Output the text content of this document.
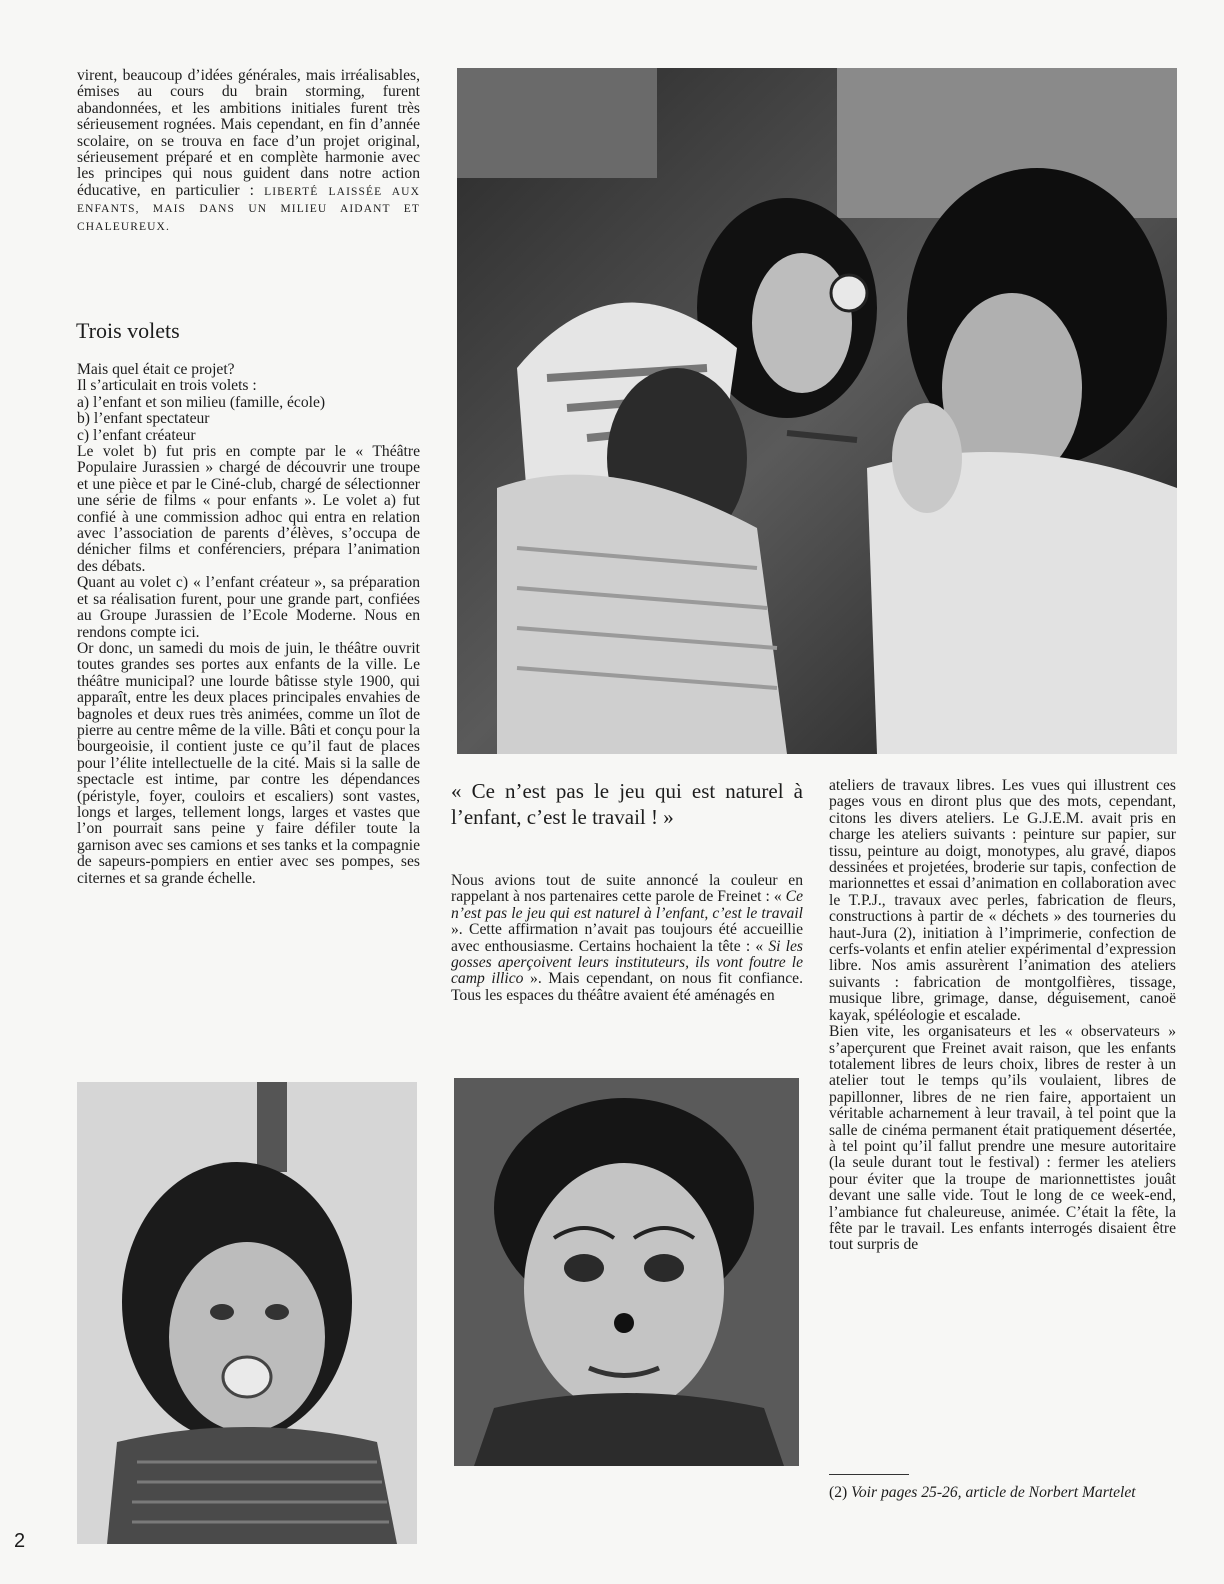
virent, beaucoup d’idées générales, mais irréalisables, émises au cours du brain storming, furent abandonnées, et les ambitions initiales furent très sérieusement rognées. Mais cependant, en fin d’année scolaire, on se trouva en face d’un projet original, sérieusement préparé et en complète harmonie avec les principes qui nous guident dans notre action éducative, en particulier : LIBERTÉ LAISSÉE AUX ENFANTS, MAIS DANS UN MILIEU AIDANT ET CHALEUREUX.
Trois volets

Mais quel était ce projet?
Il s’articulait en trois volets :
a) l’enfant et son milieu (famille, école)
b) l’enfant spectateur
c) l’enfant créateur

Le volet b) fut pris en compte par le « Théâtre Populaire Jurassien » chargé de découvrir une troupe et une pièce et par le Ciné-club, chargé de sélectionner une série de films « pour enfants ». Le volet a) fut confié à une commission adhoc qui entra en relation avec l’association de parents d’élèves, s’occupa de dénicher films et conférenciers, prépara l’animation des débats.
Quant au volet c) « l’enfant créateur », sa préparation et sa réalisation furent, pour une grande part, confiées au Groupe Jurassien de l’Ecole Moderne. Nous en rendons compte ici.
Or donc, un samedi du mois de juin, le théâtre ouvrit toutes grandes ses portes aux enfants de la ville. Le théâtre municipal? une lourde bâtisse style 1900, qui apparaît, entre les deux places principales envahies de bagnoles et deux rues très animées, comme un îlot de pierre au centre même de la ville. Bâti et conçu pour la bourgeoisie, il contient juste ce qu’il faut de places pour l’élite intellectuelle de la cité. Mais si la salle de spectacle est intime, par contre les dépendances (péristyle, foyer, couloirs et escaliers) sont vastes, longs et larges, tellement longs, larges et vastes que l’on pourrait sans peine y faire défiler toute la garnison avec ses camions et ses tanks et la compagnie de sapeurs-pompiers en entier avec ses pompes, ses citernes et sa grande échelle.

« Ce n’est pas le jeu qui est naturel à l’enfant, c’est le travail ! »
Nous avions tout de suite annoncé la couleur en rappelant à nos partenaires cette parole de Freinet : « Ce n’est pas le jeu qui est naturel à l’enfant, c’est le travail ». Cette affirmation n’avait pas toujours été accueillie avec enthousiasme. Certains hochaient la tête : « Si les gosses aperçoivent leurs instituteurs, ils vont foutre le camp illico ». Mais cependant, on nous fit confiance. Tous les espaces du théâtre avaient été aménagés en

ateliers de travaux libres. Les vues qui illustrent ces pages vous en diront plus que des mots, cependant, citons les divers ateliers. Le G.J.E.M. avait pris en charge les ateliers suivants : peinture sur papier, sur tissu, peinture au doigt, monotypes, alu gravé, diapos dessinées et projetées, broderie sur tapis, confection de marionnettes et essai d’animation en collaboration avec le T.P.J., travaux avec perles, fabrication de fleurs, constructions à partir de « déchets » des tourneries du haut-Jura (2), initiation à l’imprimerie, confection de cerfs-volants et enfin atelier expérimental d’expression libre. Nos amis assurèrent l’animation des ateliers suivants : fabrication de montgolfières, tissage, musique libre, grimage, danse, déguisement, canoë kayak, spéléologie et escalade.
Bien vite, les organisateurs et les « observateurs » s’aperçurent que Freinet avait raison, que les enfants totalement libres de leurs choix, libres de rester à un atelier tout le temps qu’ils voulaient, libres de papillonner, libres de ne rien faire, apportaient un véritable acharnement à leur travail, à tel point que la salle de cinéma permanent était pratiquement désertée, à tel point qu’il fallut prendre une mesure autoritaire (la seule durant tout le festival) : fermer les ateliers pour éviter que la troupe de marionnettistes jouât devant une salle vide. Tout le long de ce week-end, l’ambiance fut chaleureuse, animée. C’était la fête, la fête par le travail. Les enfants interrogés disaient être tout surpris de

(2) Voir pages 25-26, article de Norbert Martelet
2
